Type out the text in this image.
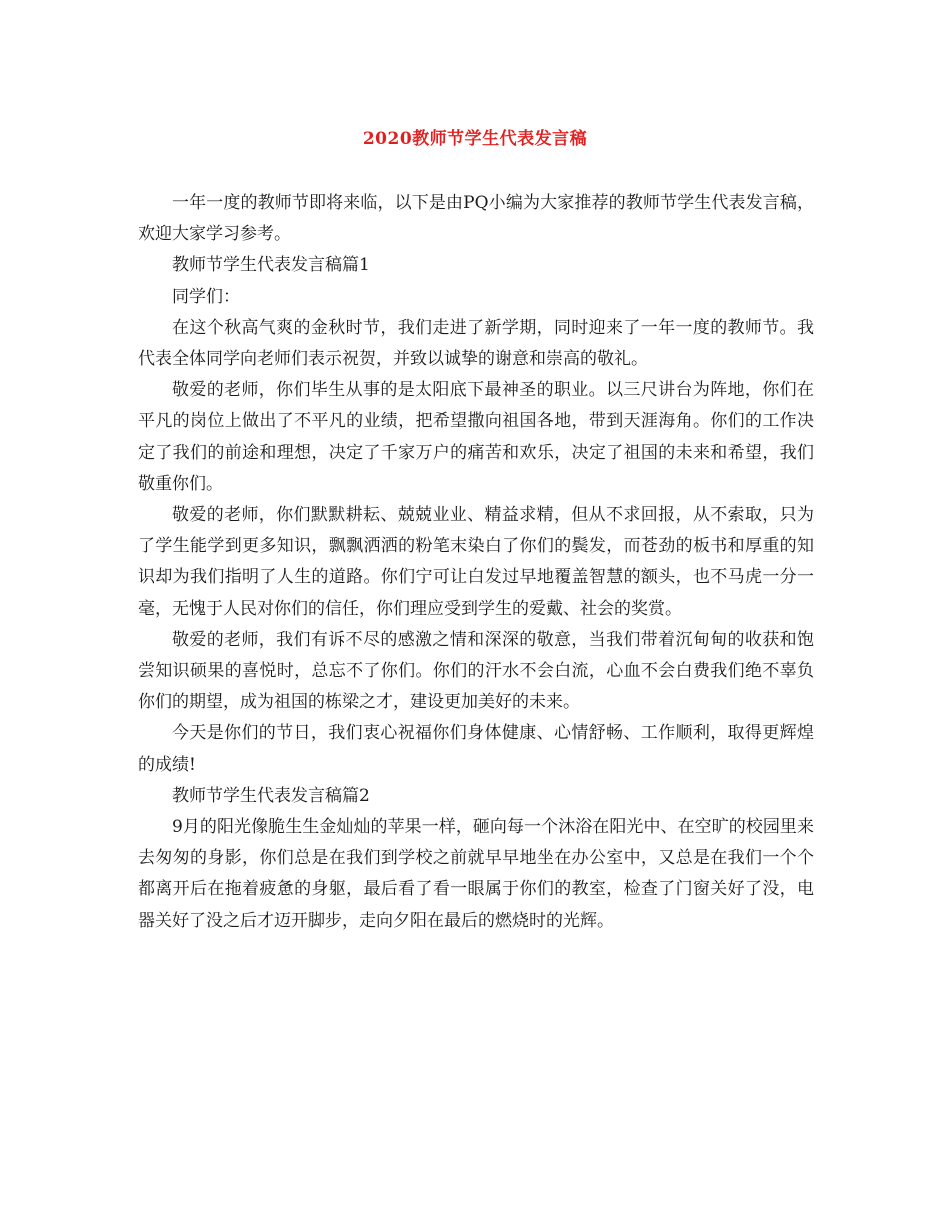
2020教师节学生代表发言稿

一年一度的教师节即将来临，以下是由PQ小编为大家推荐的教师节学生代表发言稿，欢迎大家学习参考。

教师节学生代表发言稿篇1

同学们：

在这个秋高气爽的金秋时节，我们走进了新学期，同时迎来了一年一度的教师节。我代表全体同学向老师们表示祝贺，并致以诚挚的谢意和崇高的敬礼。

敬爱的老师，你们毕生从事的是太阳底下最神圣的职业。以三尺讲台为阵地，你们在平凡的岗位上做出了不平凡的业绩，把希望撒向祖国各地，带到天涯海角。你们的工作决定了我们的前途和理想，决定了千家万户的痛苦和欢乐，决定了祖国的未来和希望，我们敬重你们。

敬爱的老师，你们默默耕耘、兢兢业业、精益求精，但从不求回报，从不索取，只为了学生能学到更多知识，飘飘洒洒的粉笔末染白了你们的鬓发，而苍劲的板书和厚重的知识却为我们指明了人生的道路。你们宁可让白发过早地覆盖智慧的额头，也不马虎一分一毫，无愧于人民对你们的信任，你们理应受到学生的爱戴、社会的奖赏。

敬爱的老师，我们有诉不尽的感激之情和深深的敬意，当我们带着沉甸甸的收获和饱尝知识硕果的喜悦时，总忘不了你们。你们的汗水不会白流，心血不会白费我们绝不辜负你们的期望，成为祖国的栋梁之才，建设更加美好的未来。

今天是你们的节日，我们衷心祝福你们身体健康、心情舒畅、工作顺利，取得更辉煌的成绩!

教师节学生代表发言稿篇2

9月的阳光像脆生生金灿灿的苹果一样，砸向每一个沐浴在阳光中、在空旷的校园里来去匆匆的身影，你们总是在我们到学校之前就早早地坐在办公室中，又总是在我们一个个都离开后在拖着疲惫的身躯，最后看了看一眼属于你们的教室，检查了门窗关好了没，电器关好了没之后才迈开脚步，走向夕阳在最后的燃烧时的光辉。
